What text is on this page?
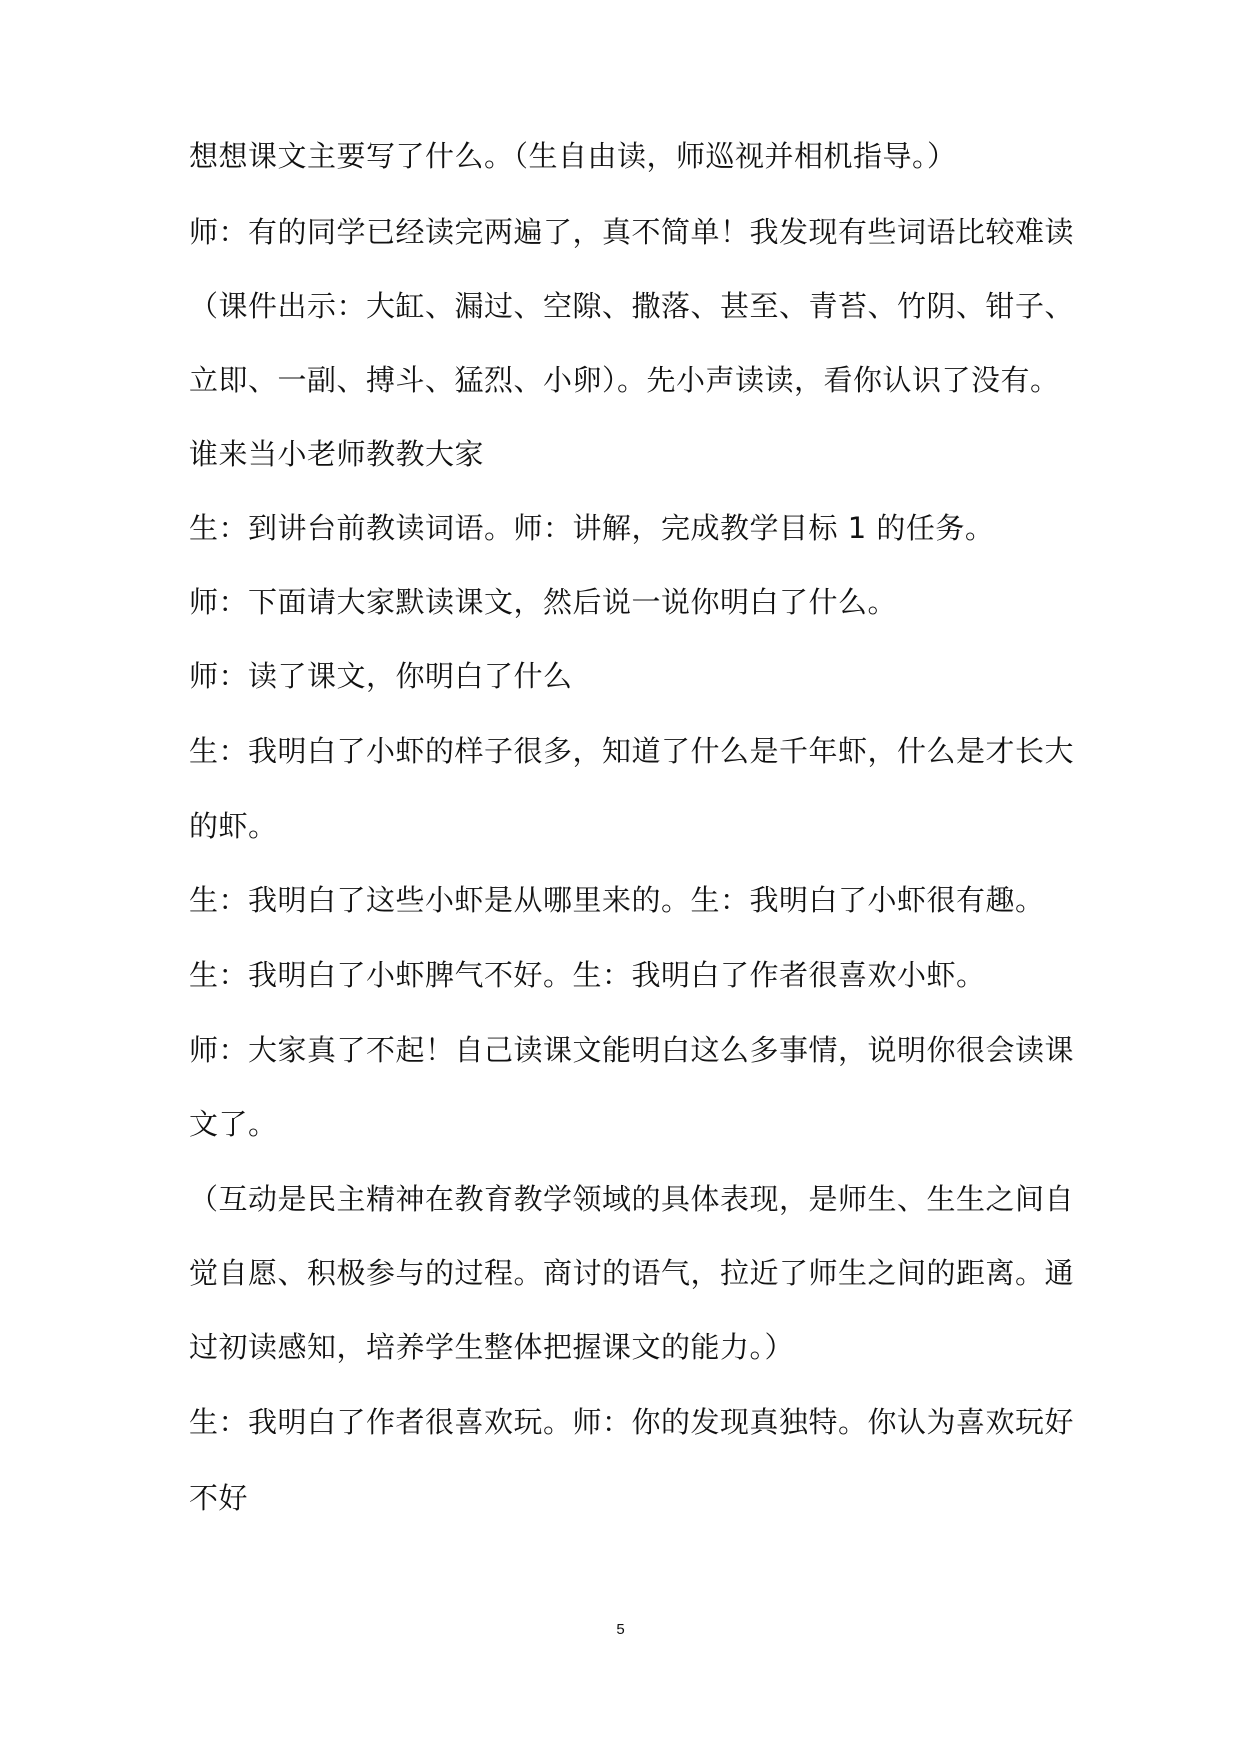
想想课文主要写了什么。（生自由读，师巡视并相机指导。）
师：有的同学已经读完两遍了，真不简单！我发现有些词语比较难读
（课件出示：大缸、漏过、空隙、撒落、甚至、青苔、竹阴、钳子、
立即、一副、搏斗、猛烈、小卵）。先小声读读，看你认识了没有。
谁来当小老师教教大家
生：到讲台前教读词语。师：讲解，完成教学目标 1 的任务。
师：下面请大家默读课文，然后说一说你明白了什么。
师：读了课文，你明白了什么
生：我明白了小虾的样子很多，知道了什么是千年虾，什么是才长大
的虾。
生：我明白了这些小虾是从哪里来的。生：我明白了小虾很有趣。
生：我明白了小虾脾气不好。生：我明白了作者很喜欢小虾。
师：大家真了不起！自己读课文能明白这么多事情，说明你很会读课
文了。
（互动是民主精神在教育教学领域的具体表现，是师生、生生之间自
觉自愿、积极参与的过程。商讨的语气，拉近了师生之间的距离。通
过初读感知，培养学生整体把握课文的能力。）
生：我明白了作者很喜欢玩。师：你的发现真独特。你认为喜欢玩好
不好
5
